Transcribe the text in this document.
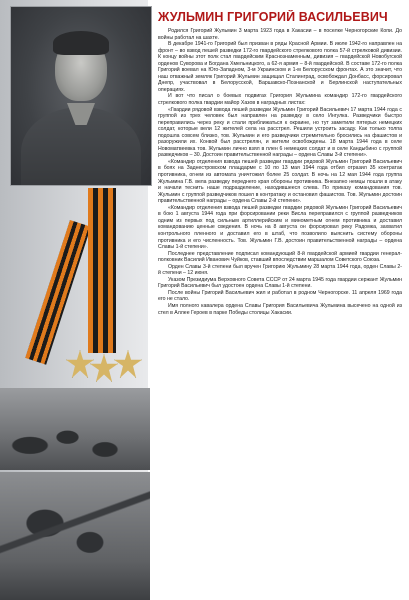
ЖУЛЬМИН ГРИГОРИЙ ВАСИЛЬЕВИЧ

Родился Григорий Жульмин 3 марта 1923 года в Хакасии – в поселке Черногорские Копи. До войны работал на шахте.

В декабре 1941-го Григорий был призван в ряды Красной Армии. В июле 1942-го направлен на фронт – во взвод пешей разведки 172-го гвардейского стрелкового полка 57-й стрелковой дивизии. К концу войны этот полк стал гвардейским Краснознаменным, дивизия – гвардейской Новобугской орденов Суворова и Богдана Хмельницкого, а 62-я армия – 8-й гвардейской. В составе 172-го полка Григорий воевал на Юго-Западном, 3-м Украинском и 1-м Белорусском фронтах. А это значит, что наш отважный земляк Григорий Жульмин защищал Сталинград, освобождал Донбасс, форсировал Днепр, участвовал в Белорусской, Варшавско-Познанской и Берлинской наступательных операциях.

И вот что писал о боевых подвигах Григория Жульмина командир 172-го гвардейского стрелкового полка гвардии майор Хазов в наградных листах:

«Гвардии рядовой взвода пешей разведки Жульмин Григорий Васильевич 17 марта 1944 года с группой из трех человек был направлен на разведку в село Ингулка. Разведчики быстро переправились через реку и стали приближаться к окраине, но тут заметили пятерых немецких солдат, которые вели 12 жителей села на расстрел. Решили устроить засаду. Как только толпа подошла совсем близко, тов. Жульмин и его разведчики стремительно бросились на фашистов и разоружили их. Конвой был расстрелян, и жители освобождены. 18 марта 1944 года в селе Новоматвеевка тов. Жульмин лично взял в плен 6 немецких солдат и в селе Кандыбино с группой разведчиков – 30. Достоин правительственной награды – ордена Славы 3-й степени».

«Командир отделения взвода пешей разведки гвардии рядовой Жульмин Григорий Васильевич в боях на Заднестровском плацдарме с 10 по 13 мая 1944 года отбил отразил 35 контратак противника, огнем из автомата уничтожил более 25 солдат. В ночь на 12 мая 1944 года группа Жульмина Г.В. вела разведку переднего края обороны противника. Внезапно немцы пошли в атаку и начали теснить наше подразделение, находившееся слева. По приказу командования тов. Жульмин с группой разведчиков пошел в контратаку и остановил фашистов. Тов. Жульмин достоин правительственной награды – ордена Славы 2-й степени».

«Командир отделения взвода пешей разведки гвардии рядовой Жульмин Григорий Васильевич в бою 1 августа 1944 года при форсировании реки Висла переправился с группой разведчиков одним из первых под сильным артиллерийским и минометным огнем противника и доставил командованию ценные сведения. В ночь на 8 августа он форсировал реку Радомка, захватил контрольного пленного и доставил его в штаб, что позволило выяснить систему обороны противника и его численность. Тов. Жульмин Г.В. достоин правительственной награды – ордена Славы 1-й степени».

Последнее представление подписал командующий 8-й гвардейской армией гвардии генерал-полковник Василий Иванович Чуйков, ставший впоследствии маршалом Советского Союза.

Орден Славы 3-й степени был вручен Григорию Жульмину 28 марта 1944 года, орден Славы 2-й степени – 12 июня.

Указом Президиума Верховного Совета СССР от 24 марта 1945 года гвардии сержант Жульмин Григорий Васильевич был удостоен ордена Славы 1-й степени.

После войны Григорий Васильевич жил и работал в родном Черногорске. 11 апреля 1969 года его не стало.

Имя полного кавалера ордена Славы Григория Васильевича Жульмина высечено на одной из стел в Аллее Героев в парке Победы столицы Хакасии.
